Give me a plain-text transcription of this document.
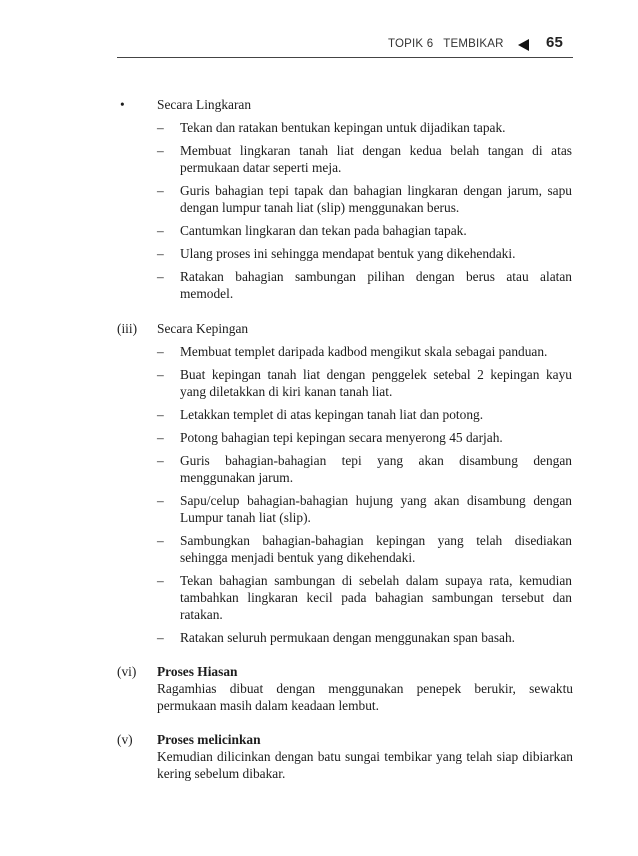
TOPIK 6   TEMBIKAR	65
• Secara Lingkaran
– Tekan dan ratakan bentukan kepingan untuk dijadikan tapak.
– Membuat lingkaran tanah liat dengan kedua belah tangan di atas permukaan datar seperti meja.
– Guris bahagian tepi tapak dan bahagian lingkaran dengan jarum, sapu dengan lumpur tanah liat (slip) menggunakan berus.
– Cantumkan lingkaran dan tekan pada bahagian tapak.
– Ulang proses ini sehingga mendapat bentuk yang dikehendaki.
– Ratakan bahagian sambungan pilihan dengan berus atau alatan memodel.
(iii) Secara Kepingan
– Membuat templet daripada kadbod mengikut skala sebagai panduan.
– Buat kepingan tanah liat dengan penggelek setebal 2 kepingan kayu yang diletakkan di kiri kanan tanah liat.
– Letakkan templet di atas kepingan tanah liat dan potong.
– Potong bahagian tepi kepingan secara menyerong 45 darjah.
– Guris bahagian-bahagian tepi yang akan disambung dengan menggunakan jarum.
– Sapu/celup bahagian-bahagian hujung yang akan disambung dengan Lumpur tanah liat (slip).
– Sambungkan bahagian-bahagian kepingan yang telah disediakan sehingga menjadi bentuk yang dikehendaki.
– Tekan bahagian sambungan di sebelah dalam supaya rata, kemudian tambahkan lingkaran kecil pada bahagian sambungan tersebut dan ratakan.
– Ratakan seluruh permukaan dengan menggunakan span basah.
(vi) Proses Hiasan
Ragamhias dibuat dengan menggunakan penepek berukir, sewaktu permukaan masih dalam keadaan lembut.
(v) Proses melicinkan
Kemudian dilicinkan dengan batu sungai tembikar yang telah siap dibiarkan kering sebelum dibakar.
